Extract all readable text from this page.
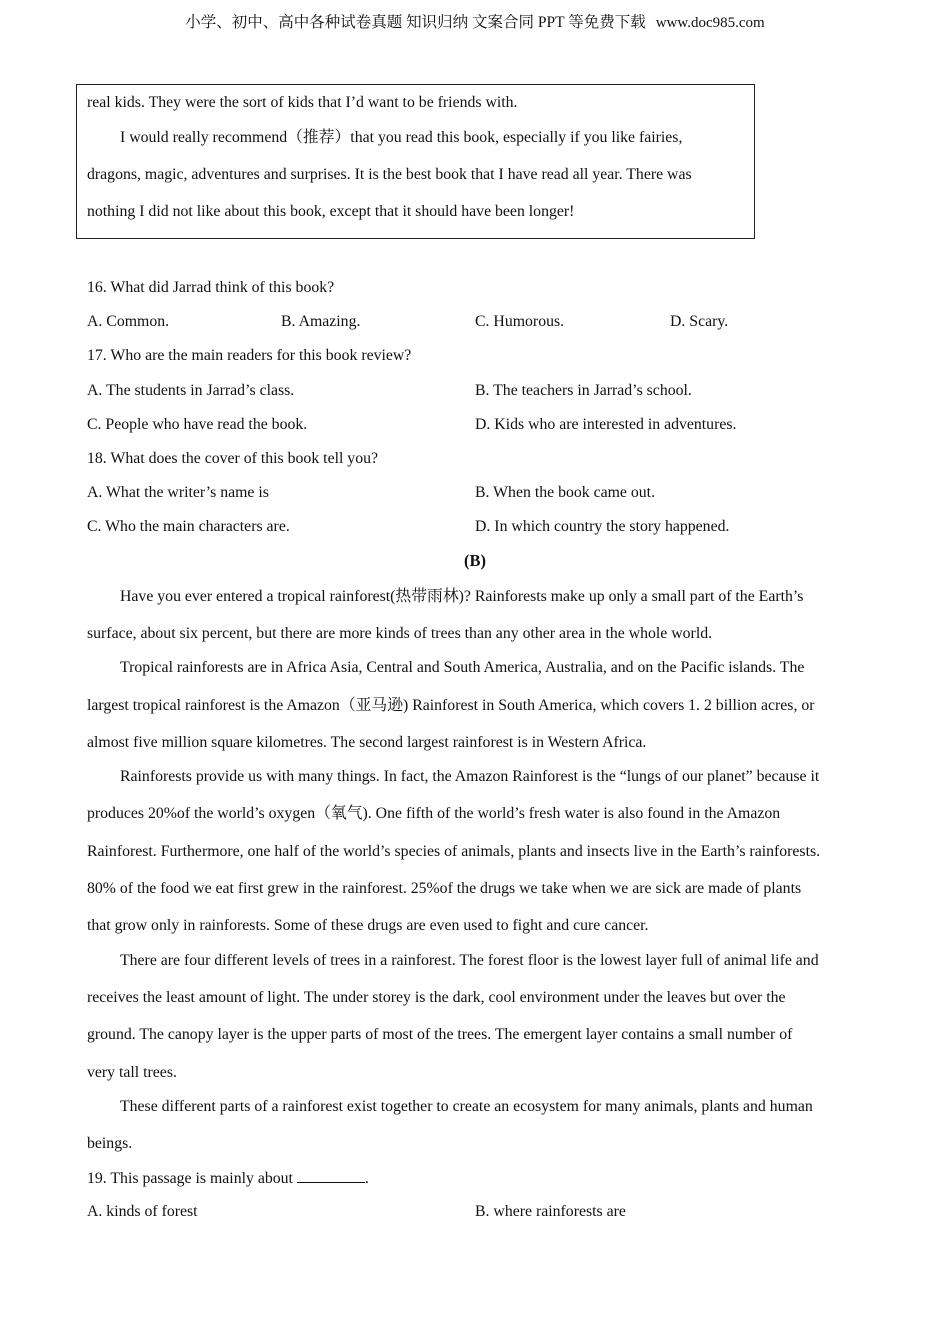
小学、初中、高中各种试卷真题 知识归纳 文案合同 PPT 等免费下载 www.doc985.com
real kids. They were the sort of kids that I’d want to be friends with.
I would really recommend（推荐）that you read this book, especially if you like fairies,
dragons, magic, adventures and surprises. It is the best book that I have read all year. There was
nothing I did not like about this book, except that it should have been longer!
16. What did Jarrad think of this book?
A. Common.	B. Amazing.	C. Humorous.	D. Scary.
17. Who are the main readers for this book review?
A. The students in Jarrad’s class.	B. The teachers in Jarrad’s school.
C. People who have read the book.	D. Kids who are interested in adventures.
18. What does the cover of this book tell you?
A. What the writer’s name is	B. When the book came out.
C. Who the main characters are.	D. In which country the story happened.
(B)
Have you ever entered a tropical rainforest(热带雨林)? Rainforests make up only a small part of the Earth’s
surface, about six percent, but there are more kinds of trees than any other area in the whole world.
Tropical rainforests are in Africa Asia, Central and South America, Australia, and on the Pacific islands. The
largest tropical rainforest is the Amazon（亚马逊) Rainforest in South America, which covers 1. 2 billion acres, or
almost five million square kilometres. The second largest rainforest is in Western Africa.
Rainforests provide us with many things. In fact, the Amazon Rainforest is the “lungs of our planet” because it
produces 20%of the world’s oxygen（氧气). One fifth of the world’s fresh water is also found in the Amazon
Rainforest. Furthermore, one half of the world’s species of animals, plants and insects live in the Earth’s rainforests.
80% of the food we eat first grew in the rainforest. 25%of the drugs we take when we are sick are made of plants
that grow only in rainforests. Some of these drugs are even used to fight and cure cancer.
There are four different levels of trees in a rainforest. The forest floor is the lowest layer full of animal life and
receives the least amount of light. The under storey is the dark, cool environment under the leaves but over the
ground. The canopy layer is the upper parts of most of the trees. The emergent layer contains a small number of
very tall trees.
These different parts of a rainforest exist together to create an ecosystem for many animals, plants and human
beings.
19. This passage is mainly about	.
A. kinds of forest	B. where rainforests are
